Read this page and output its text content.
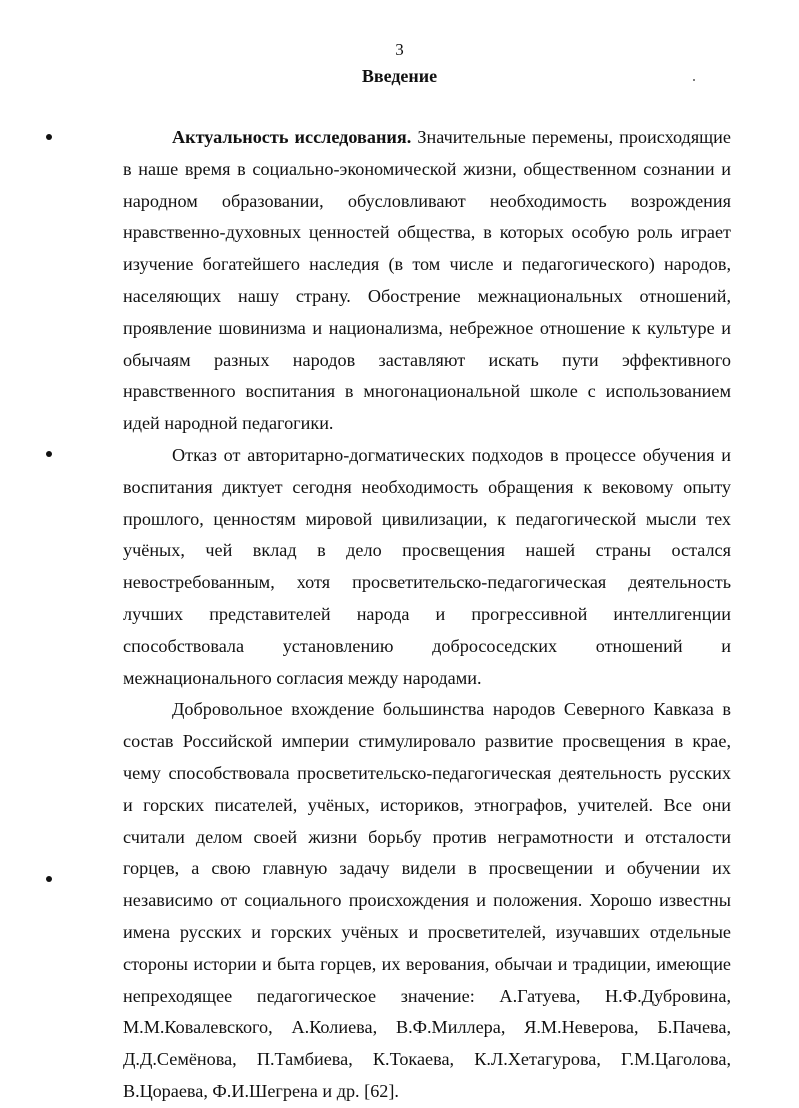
3
Введение

Актуальность исследования. Значительные перемены, происходящие в наше время в социально-экономической жизни, общественном сознании и народном образовании, обусловливают необходимость возрождения нравственно-духовных ценностей общества, в которых особую роль играет изучение богатейшего наследия (в том числе и педагогического) народов, населяющих нашу страну. Обострение межнациональных отношений, проявление шовинизма и национализма, небрежное отношение к культуре и обычаям разных народов заставляют искать пути эффективного нравственного воспитания в многонациональной школе с использованием идей народной педагогики.

Отказ от авторитарно-догматических подходов в процессе обучения и воспитания диктует сегодня необходимость обращения к вековому опыту прошлого, ценностям мировой цивилизации, к педагогической мысли тех учёных, чей вклад в дело просвещения нашей страны остался невостребованным, хотя просветительско-педагогическая деятельность лучших представителей народа и прогрессивной интеллигенции способствовала установлению добрососедских отношений и межнационального согласия между народами.

Добровольное вхождение большинства народов Северного Кавказа в состав Российской империи стимулировало развитие просвещения в крае, чему способствовала просветительско-педагогическая деятельность русских и горских писателей, учёных, историков, этнографов, учителей. Все они считали делом своей жизни борьбу против неграмотности и отсталости горцев, а свою главную задачу видели в просвещении и обучении их независимо от социального происхождения и положения. Хорошо известны имена русских и горских учёных и просветителей, изучавших отдельные стороны истории и быта горцев, их верования, обычаи и традиции, имеющие непреходящее педагогическое значение: А.Гатуева, Н.Ф.Дубровина, М.М.Ковалевского, А.Колиева, В.Ф.Миллера, Я.М.Неверова, Б.Пачева, Д.Д.Семёнова, П.Тамбиева, К.Токаева, К.Л.Хетагурова, Г.М.Цаголова, В.Цораева, Ф.И.Шегрена и др. [62].
